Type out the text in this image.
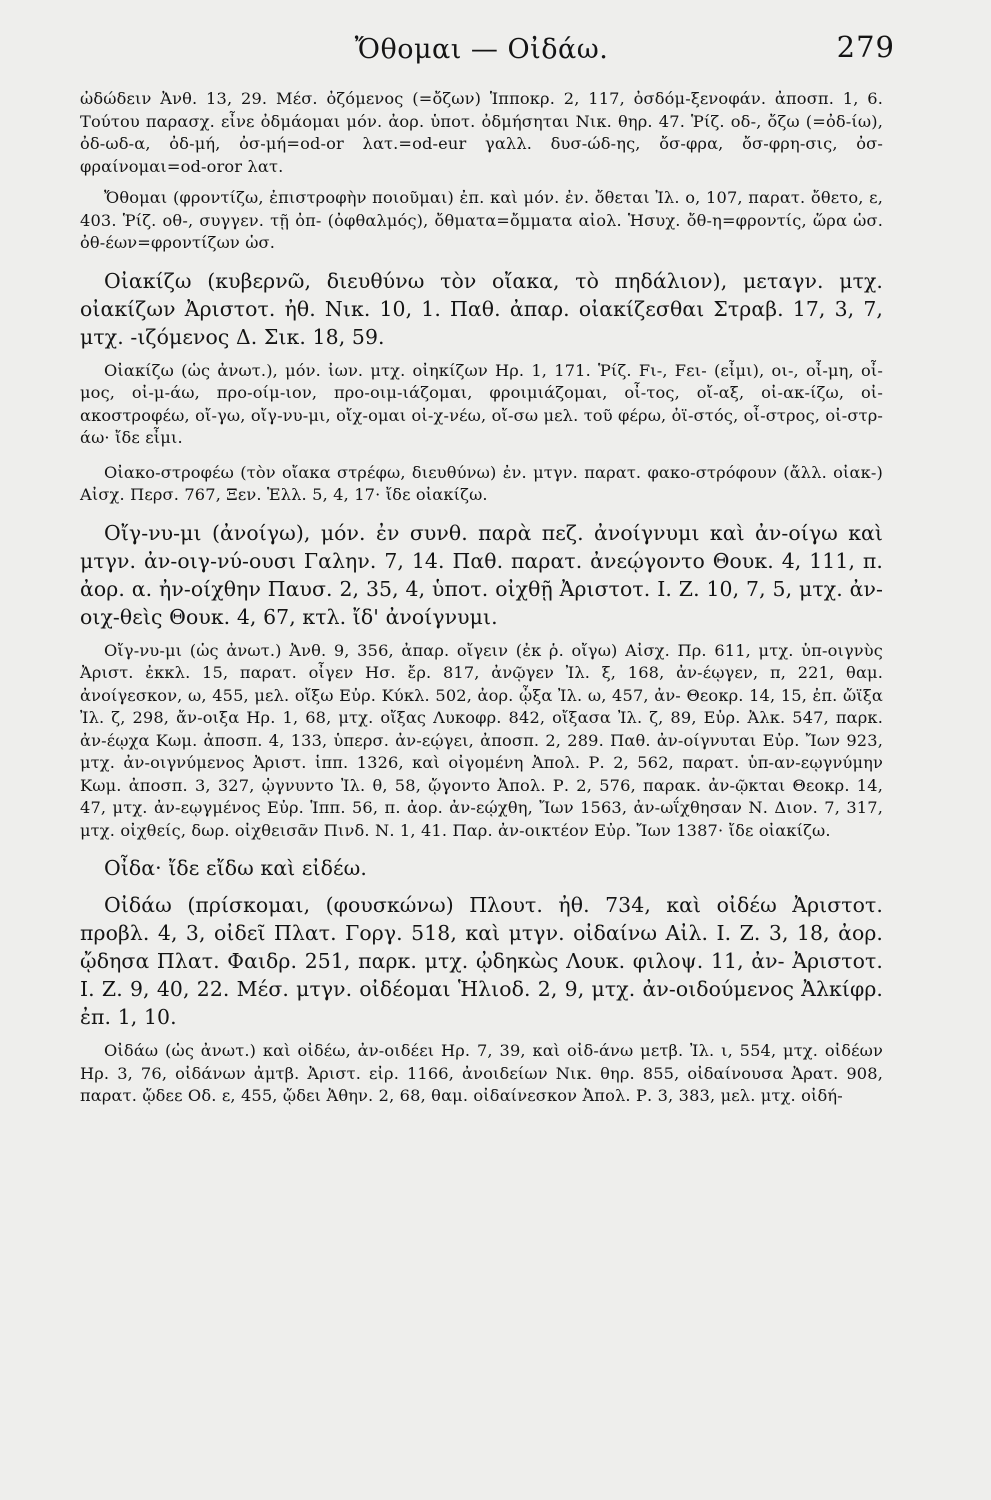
Ὄθομαι — Οἰδάω.	279

ὠδώδειν Ἀνθ. 13, 29. Μέσ. ὀζόμενος (=ὄζων) Ἱπποκρ. 2, 117, ὀσδόμ-ξενοφάν. ἀποσπ. 1, 6. Τούτου παρασχ. εἶνε ὀδμάομαι μόν. ἀορ. ὑποτ. ὀδμήσηται Νικ. θηρ. 47. Ῥίζ. οδ-, ὄζω (=ὀδ-ίω), ὀδ-ωδ-α, ὀδ-μή, ὀσ-μή=od-or λατ.=od-eur γαλλ. δυσ-ώδ-ης, ὄσ-φρα, ὄσ-φρη-σις, ὀσ-φραίνομαι=od-oror λατ.

Ὄθομαι (φροντίζω, ἐπιστροφὴν ποιοῦμαι) ἐπ. καὶ μόν. ἐν. ὄθεται Ἰλ. ο, 107, παρατ. ὄθετο, ε, 403. Ῥίζ. οθ-, συγγεν. τῇ ὀπ- (ὀφθαλμός), ὄθματα=ὄμματα αἰολ. Ἡσυχ. ὄθ-η=φροντίς, ὥρα ὡσ. ὀθ-έων=φροντίζων ὡσ.

Οἰακίζω (κυβερνῶ, διευθύνω τὸν οἴακα, τὸ πηδάλιον), μεταγν. μτχ. οἰακίζων Ἀριστοτ. ἠθ. Νικ. 10, 1. Παθ. ἀπαρ. οἰακίζεσθαι Στραβ. 17, 3, 7, μτχ. -ιζόμενος Δ. Σικ. 18, 59.

Οἰακίζω (ὡς ἀνωτ.), μόν. ἰων. μτχ. οἰηκίζων Ηρ. 1, 171. Ῥίζ. Fι-, Fει- (εἶμι), οι-, οἶ-μη, οἶ-μος, οἰ-μ-άω, προ-οίμ-ιον, προ-οιμ-ιάζομαι, φροιμιάζομαι, οἶ-τος, οἴ-αξ, οἰ-ακ-ίζω, οἰ-ακοστροφέω, οἴ-γω, οἴγ-νυ-μι, οἴχ-ομαι οἰ-χ-νέω, οἴ-σω μελ. τοῦ φέρω, ὀϊ-στός, οἶ-στρος, οἰ-στρ-άω· ἴδε εἶμι.

Οἰακο-στροφέω (τὸν οἴακα στρέφω, διευθύνω) ἐν. μτγν. παρατ. φακο-στρόφουν (ἄλλ. οἰακ-) Αἰσχ. Περσ. 767, Ξεν. Ἑλλ. 5, 4, 17· ἴδε οἰακίζω.

Οἴγ-νυ-μι (ἀνοίγω), μόν. ἐν συνθ. παρὰ πεζ. ἀνοίγνυμι καὶ ἀν-οίγω καὶ μτγν. ἀν-οιγ-νύ-ουσι Γαλην. 7, 14. Παθ. παρατ. ἀνεῴγοντο Θουκ. 4, 111, π. ἀορ. α. ἠν-οίχθην Παυσ. 2, 35, 4, ὑποτ. οἰχθῇ Ἀριστοτ. Ι. Ζ. 10, 7, 5, μτχ. ἀν-οιχ-θεὶς Θουκ. 4, 67, κτλ. ἴδ' ἀνοίγνυμι.

Οἴγ-νυ-μι (ὡς ἀνωτ.) Ἀνθ. 9, 356, ἀπαρ. οἴγειν (ἐκ ῥ. οἴγω) Αἰσχ. Πρ. 611, μτχ. ὑπ-οιγνὺς Ἀριστ. ἐκκλ. 15, παρατ. οἶγεν Ησ. ἔρ. 817, ἀνῷγεν Ἰλ. ξ, 168, ἀν-έῳγεν, π, 221, θαμ. ἀνοίγεσκον, ω, 455, μελ. οἴξω Εὐρ. Κύκλ. 502, ἀορ. ᾦξα Ἰλ. ω, 457, ἀν- Θεοκρ. 14, 15, ἐπ. ὤϊξα Ἰλ. ζ, 298, ἄν-οιξα Ηρ. 1, 68, μτχ. οἴξας Λυκοφρ. 842, οἴξασα Ἰλ. ζ, 89, Εὐρ. Ἀλκ. 547, παρκ. ἀν-έῳχα Κωμ. ἀποσπ. 4, 133, ὑπερσ. ἀν-εῴγει, ἀποσπ. 2, 289. Παθ. ἀν-οίγνυται Εὐρ. Ἴων 923, μτχ. ἀν-οιγνύμενος Ἀριστ. ἱππ. 1326, καὶ οἰγομένη Ἀπολ. Ρ. 2, 562, παρατ. ὑπ-αν-εῳγνύμην Κωμ. ἀποσπ. 3, 327, ᾠγνυντο Ἰλ. θ, 58, ᾤγοντο Ἀπολ. Ρ. 2, 576, παρακ. ἀν-ῷκται Θεοκρ. 14, 47, μτχ. ἀν-εῳγμένος Εὐρ. Ἱππ. 56, π. ἀορ. ἀν-εῴχθη, Ἴων 1563, ἀν-ωΐχθησαν Ν. Διον. 7, 317, μτχ. οἰχθείς, δωρ. οἰχθεισᾶν Πινδ. Ν. 1, 41. Παρ. ἀν-οικτέον Εὐρ. Ἴων 1387· ἴδε οἰακίζω.

Οἶδα· ἴδε εἴδω καὶ εἰδέω.

Οἰδάω (πρίσκομαι, (φουσκώνω) Πλουτ. ἠθ. 734, καὶ οἰδέω Ἀριστοτ. προβλ. 4, 3, οἰδεῖ Πλατ. Γοργ. 518, καὶ μτγν. οἰδαίνω Αἰλ. Ι. Ζ. 3, 18, ἀορ. ᾤδησα Πλατ. Φαιδρ. 251, παρκ. μτχ. ᾠδηκὼς Λουκ. φιλοψ. 11, ἀν- Ἀριστοτ. Ι. Ζ. 9, 40, 22. Μέσ. μτγν. οἰδέομαι Ἡλιοδ. 2, 9, μτχ. ἀν-οιδούμενος Ἀλκίφρ. ἐπ. 1, 10.

Οἰδάω (ὡς ἀνωτ.) καὶ οἰδέω, ἀν-οιδέει Ηρ. 7, 39, καὶ οἰδ-άνω μετβ. Ἰλ. ι, 554, μτχ. οἰδέων Ηρ. 3, 76, οἰδάνων ἀμτβ. Ἀριστ. εἰρ. 1166, ἀνοιδείων Νικ. θηρ. 855, οἰδαίνουσα Ἀρατ. 908, παρατ. ᾤδεε Οδ. ε, 455, ᾤδει Ἀθην. 2, 68, θαμ. οἰδαίνεσκον Ἀπολ. Ρ. 3, 383, μελ. μτχ. οἰδή-
